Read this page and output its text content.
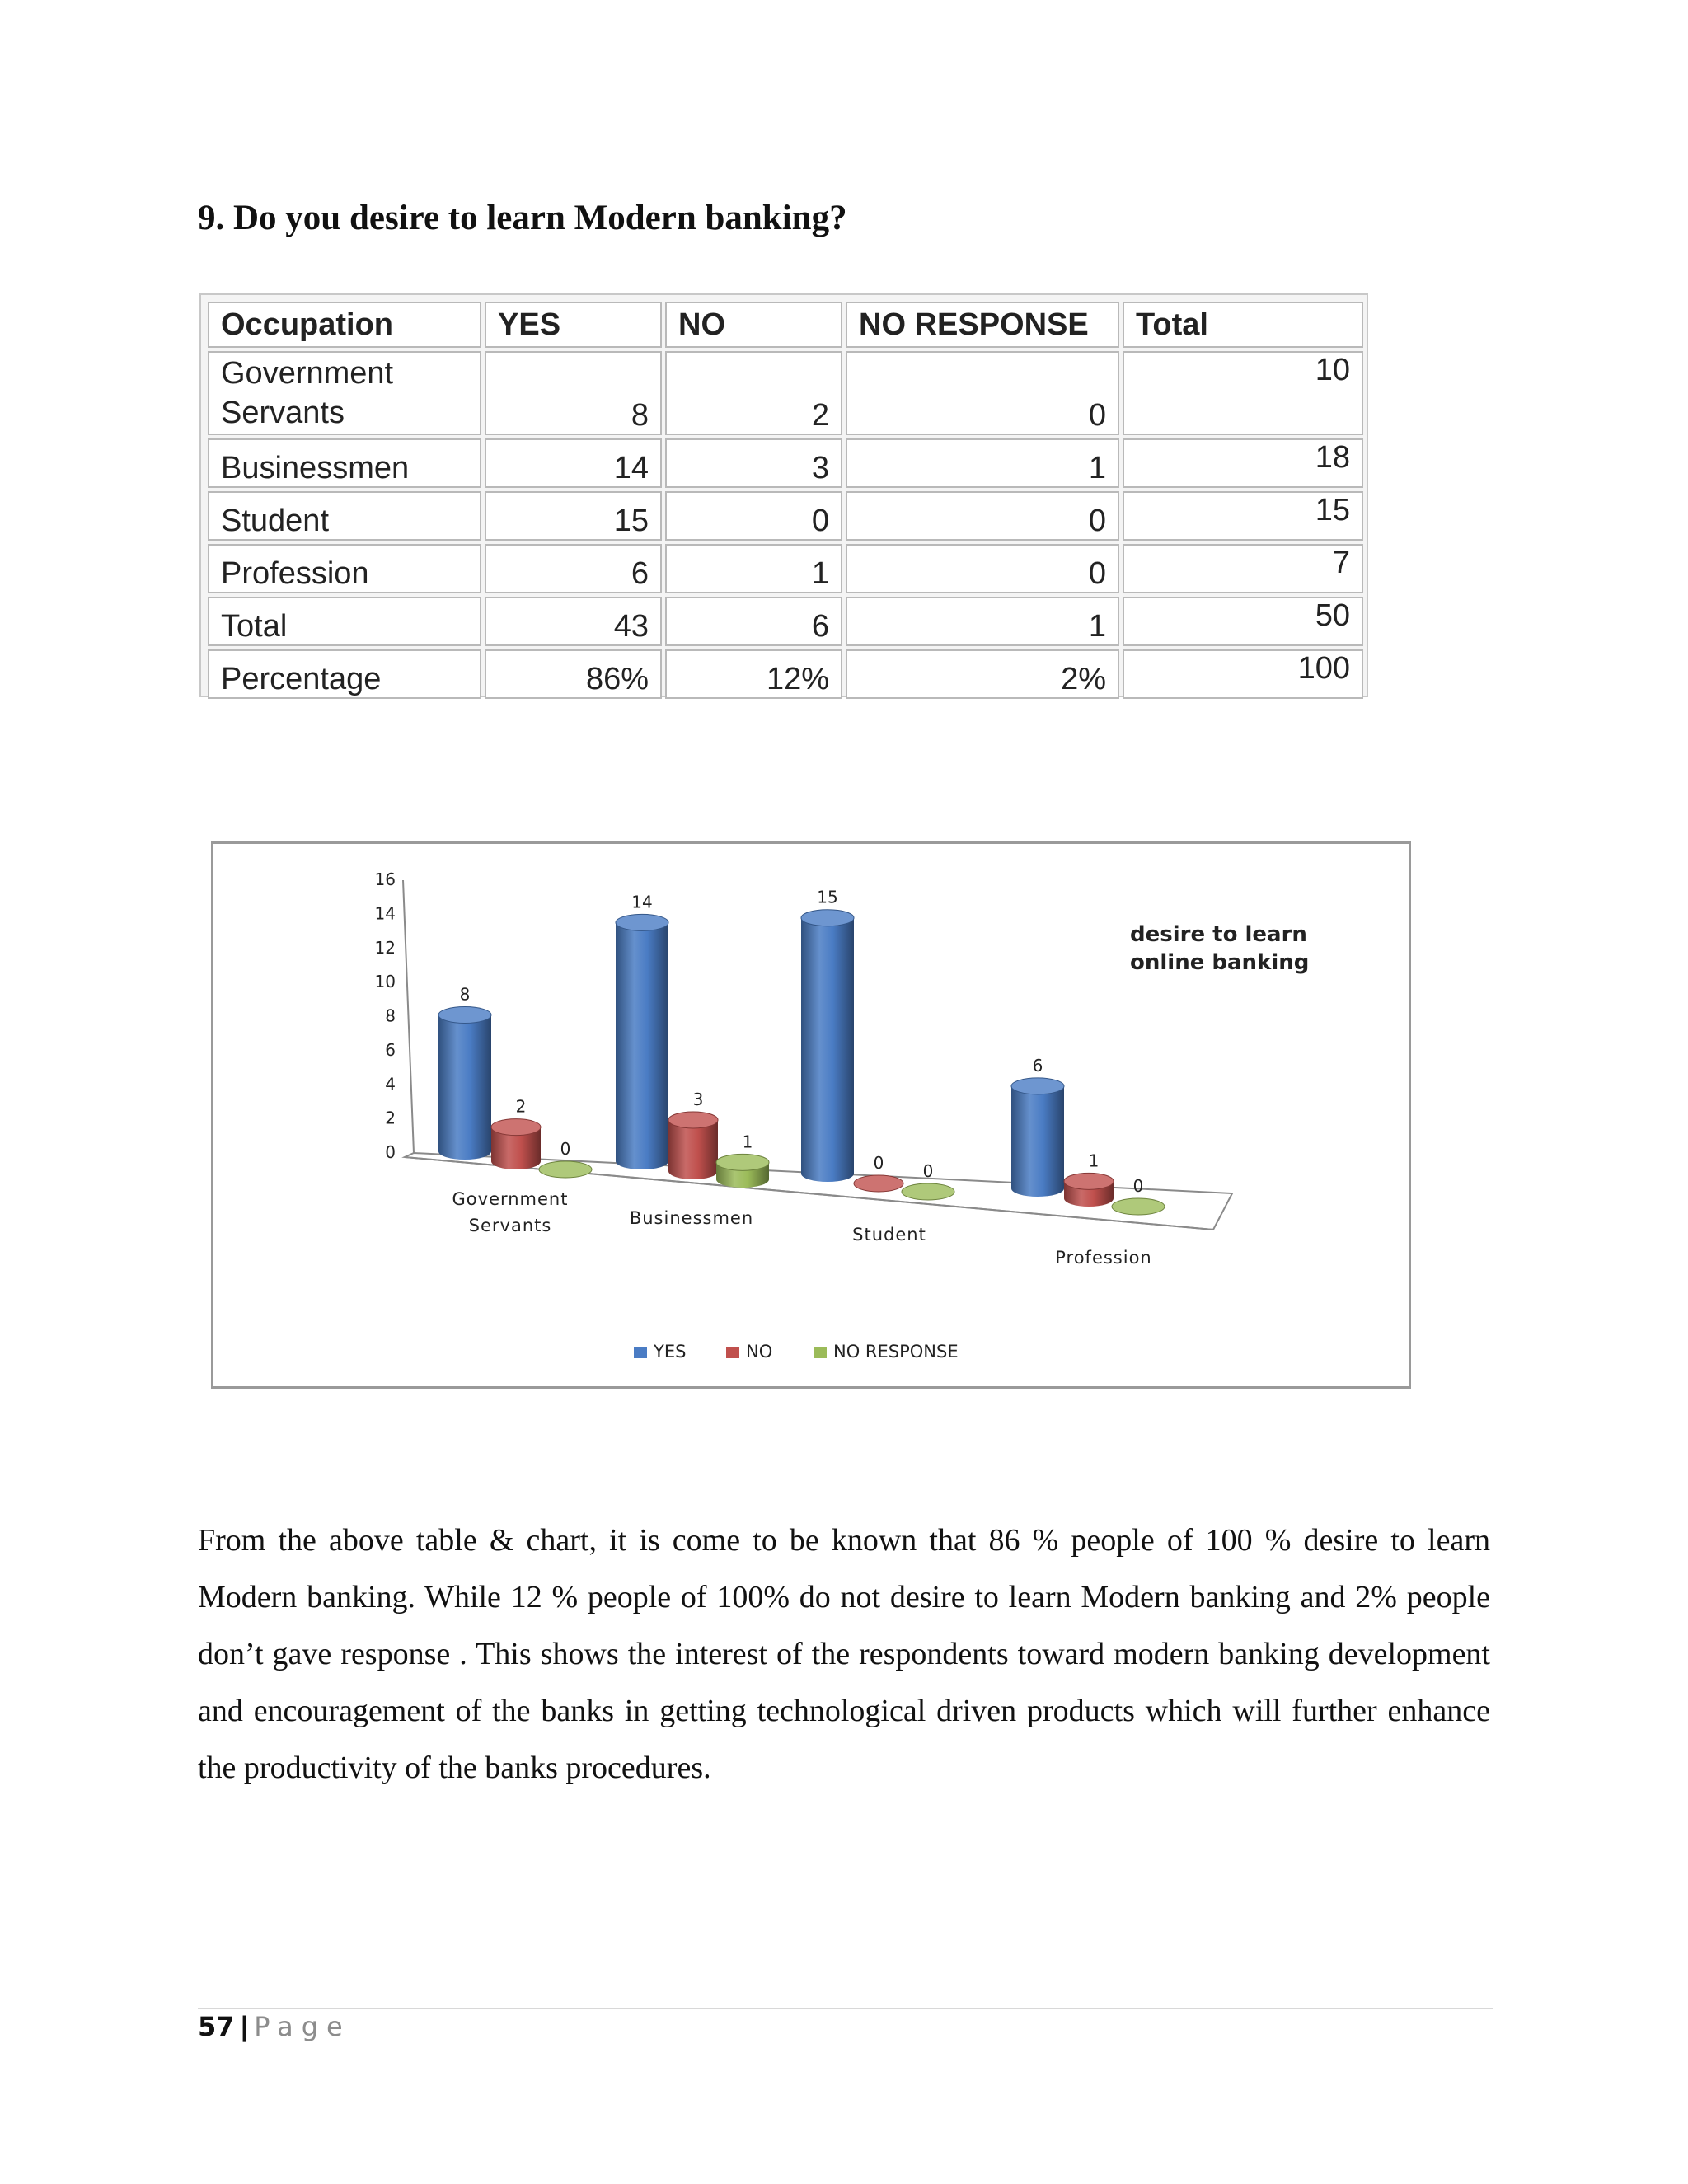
9. Do you desire to learn Modern banking?
Occupation	YES	NO	NO RESPONSE	Total
Government Servants	8	2	0	10
Businessmen	14	3	1	18
Student	15	0	0	15
Profession	6	1	0	7
Total	43	6	1	50
Percentage	86%	12%	2%	100
0
2
4
6
8
10
12
14
16
8
2
0
14
3
1
15
0 0
6
1
0
Government
Servants	Businessmen
Student
Profession
desire to learn
online banking
YES	NO	NO RESPONSE

From the above table & chart, it is come to be known that 86 % people of 100 % desire to learn Modern banking. While 12 % people of 100% do not desire to learn Modern banking and 2% people don’t gave response . This shows the interest of the respondents toward modern banking development and encouragement of the banks in getting technological driven products which will further enhance the productivity of the banks procedures.

57 | Page
